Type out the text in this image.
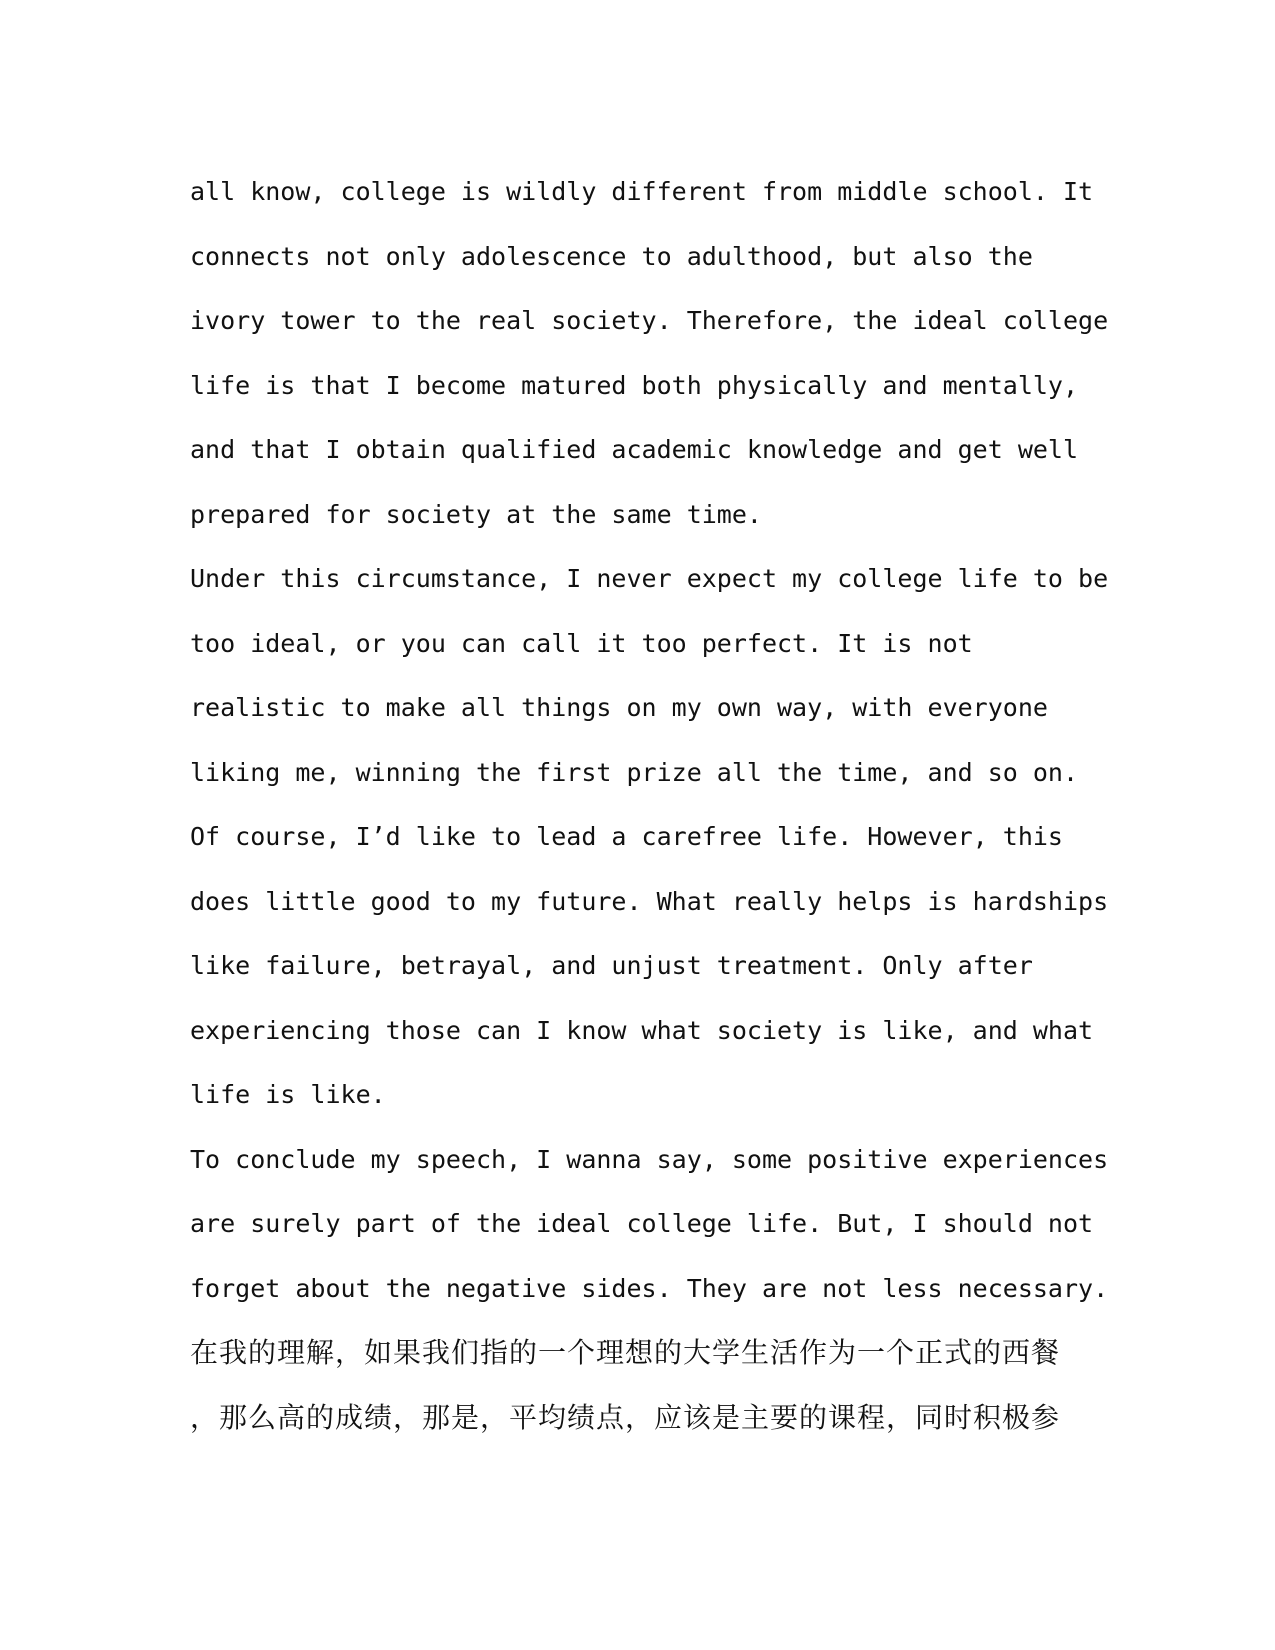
all know, college is wildly different from middle school. It
connects not only adolescence to adulthood, but also the
ivory tower to the real society. Therefore, the ideal college
life is that I become matured both physically and mentally,
and that I obtain qualified academic knowledge and get well
prepared for society at the same time.
Under this circumstance, I never expect my college life to be
too ideal, or you can call it too perfect. It is not
realistic to make all things on my own way, with everyone
liking me, winning the first prize all the time, and so on.
Of course, I’d like to lead a carefree life. However, this
does little good to my future. What really helps is hardships
like failure, betrayal, and unjust treatment. Only after
experiencing those can I know what society is like, and what
life is like.
To conclude my speech, I wanna say, some positive experiences
are surely part of the ideal college life. But, I should not
forget about the negative sides. They are not less necessary.
在我的理解，如果我们指的一个理想的大学生活作为一个正式的西餐
，那么高的成绩，那是，平均绩点，应该是主要的课程，同时积极参
